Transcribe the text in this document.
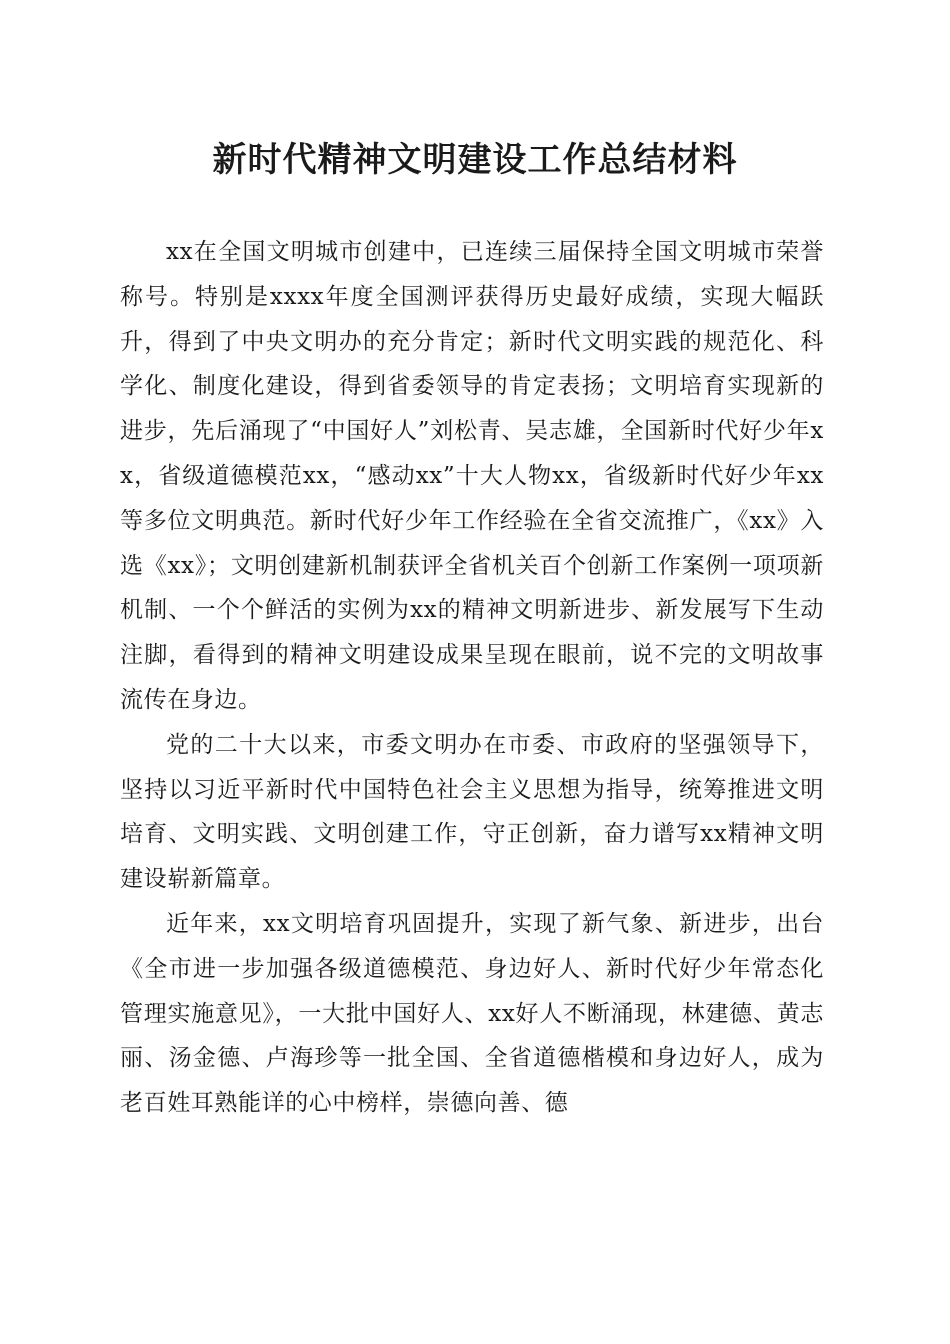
新时代精神文明建设工作总结材料

xx在全国文明城市创建中，已连续三届保持全国文明城市荣誉称号。特别是xxxx年度全国测评获得历史最好成绩，实现大幅跃升，得到了中央文明办的充分肯定；新时代文明实践的规范化、科学化、制度化建设，得到省委领导的肯定表扬；文明培育实现新的进步，先后涌现了“中国好人”刘松青、吴志雄，全国新时代好少年xx，省级道德模范xx，“感动xx”十大人物xx，省级新时代好少年xx等多位文明典范。新时代好少年工作经验在全省交流推广，《xx》入选《xx》；文明创建新机制获评全省机关百个创新工作案例一项项新机制、一个个鲜活的实例为xx的精神文明新进步、新发展写下生动注脚，看得到的精神文明建设成果呈现在眼前，说不完的文明故事流传在身边。

党的二十大以来，市委文明办在市委、市政府的坚强领导下，坚持以习近平新时代中国特色社会主义思想为指导，统筹推进文明培育、文明实践、文明创建工作，守正创新，奋力谱写xx精神文明建设崭新篇章。

近年来，xx文明培育巩固提升，实现了新气象、新进步，出台《全市进一步加强各级道德模范、身边好人、新时代好少年常态化管理实施意见》，一大批中国好人、xx好人不断涌现，林建德、黄志丽、汤金德、卢海珍等一批全国、全省道德楷模和身边好人，成为老百姓耳熟能详的心中榜样，崇德向善、德
